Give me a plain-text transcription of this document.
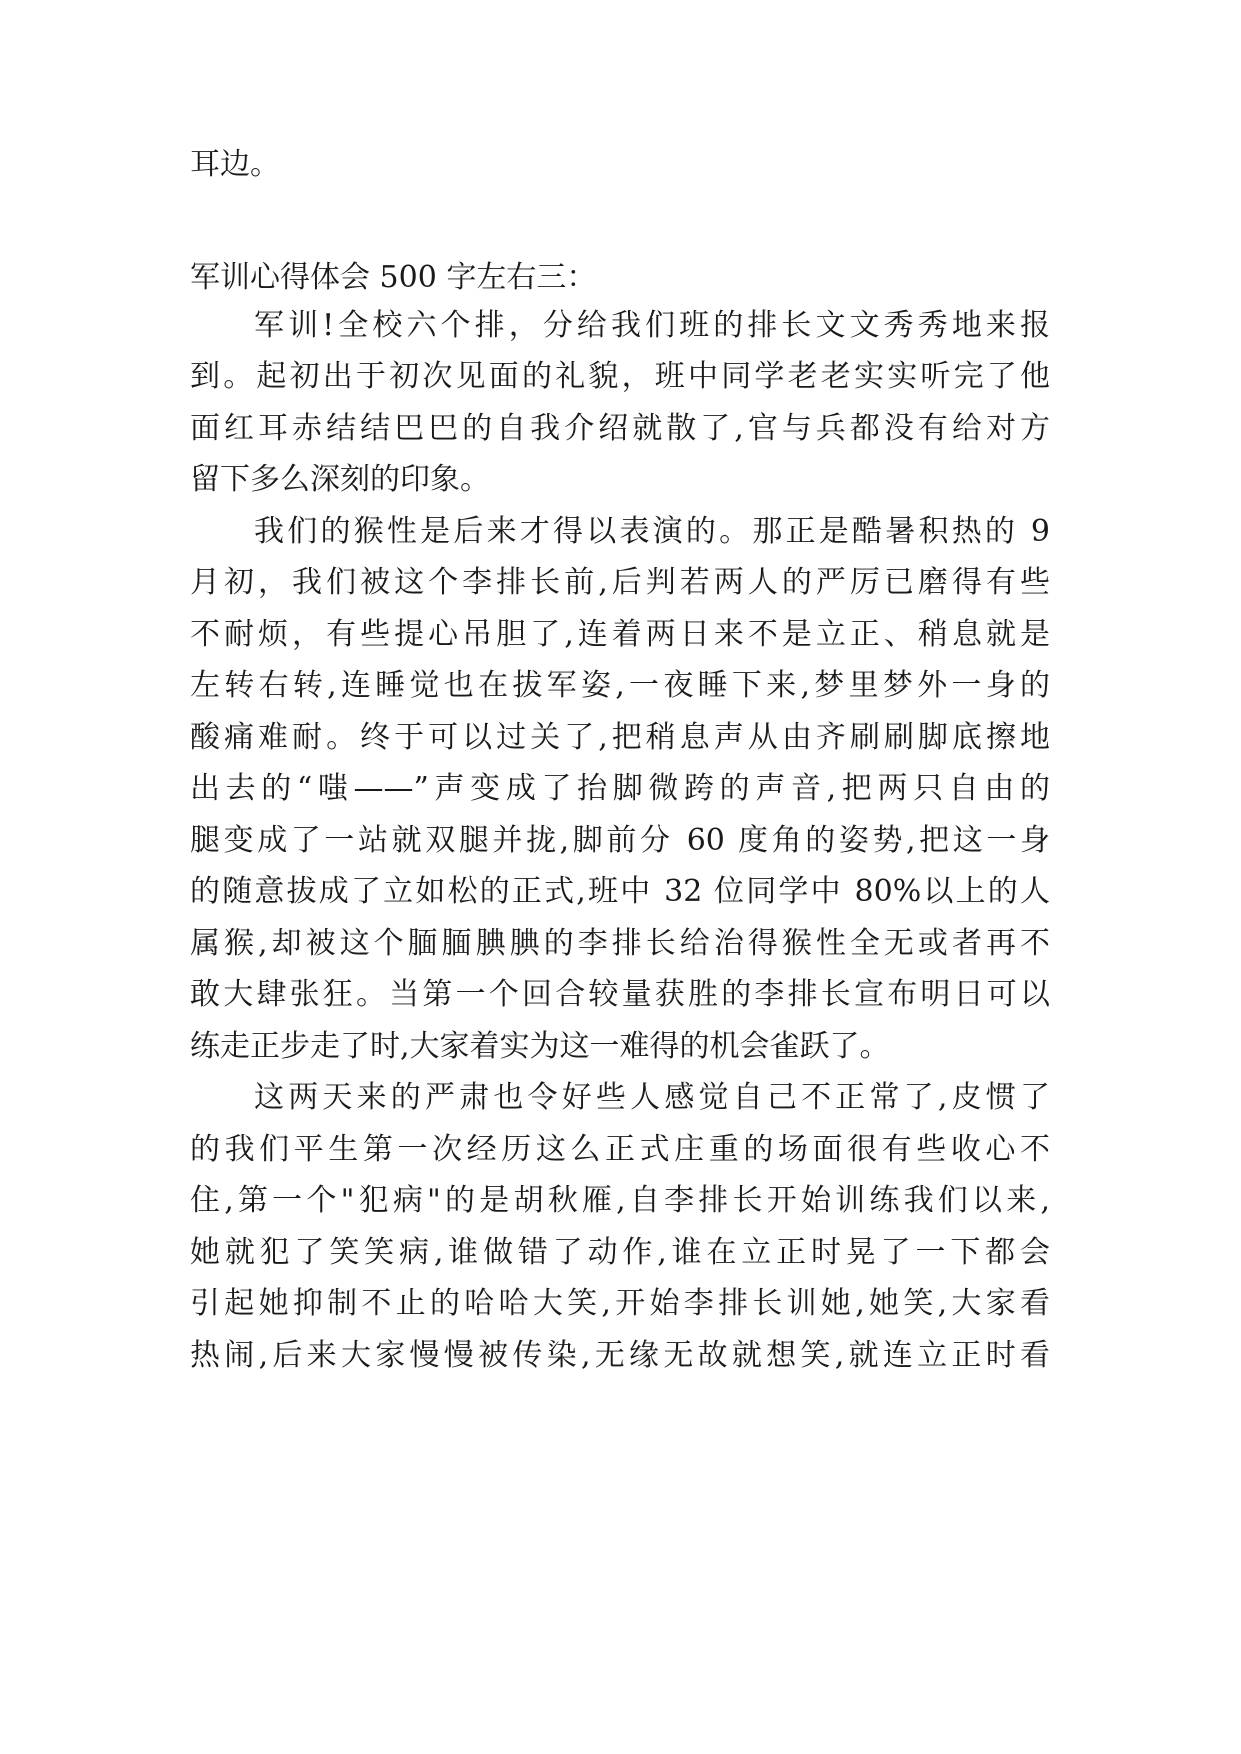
耳边。
军训心得体会 500 字左右三：
军训!全校六个排，分给我们班的排长文文秀秀地来报
到。起初出于初次见面的礼貌，班中同学老老实实听完了他
面红耳赤结结巴巴的自我介绍就散了,官与兵都没有给对方
留下多么深刻的印象。
我们的猴性是后来才得以表演的。那正是酷暑积热的 9
月初，我们被这个李排长前,后判若两人的严厉已磨得有些
不耐烦，有些提心吊胆了,连着两日来不是立正、稍息就是
左转右转,连睡觉也在拔军姿,一夜睡下来,梦里梦外一身的
酸痛难耐。终于可以过关了,把稍息声从由齐刷刷脚底擦地
出去的“嗤——”声变成了抬脚微跨的声音,把两只自由的
腿变成了一站就双腿并拢,脚前分 60 度角的姿势,把这一身
的随意拔成了立如松的正式,班中 32 位同学中 80%以上的人
属猴,却被这个腼腼腆腆的李排长给治得猴性全无或者再不
敢大肆张狂。当第一个回合较量获胜的李排长宣布明日可以
练走正步走了时,大家着实为这一难得的机会雀跃了。
这两天来的严肃也令好些人感觉自己不正常了,皮惯了
的我们平生第一次经历这么正式庄重的场面很有些收心不
住,第一个"犯病"的是胡秋雁,自李排长开始训练我们以来,
她就犯了笑笑病,谁做错了动作,谁在立正时晃了一下都会
引起她抑制不止的哈哈大笑,开始李排长训她,她笑,大家看
热闹,后来大家慢慢被传染,无缘无故就想笑,就连立正时看
